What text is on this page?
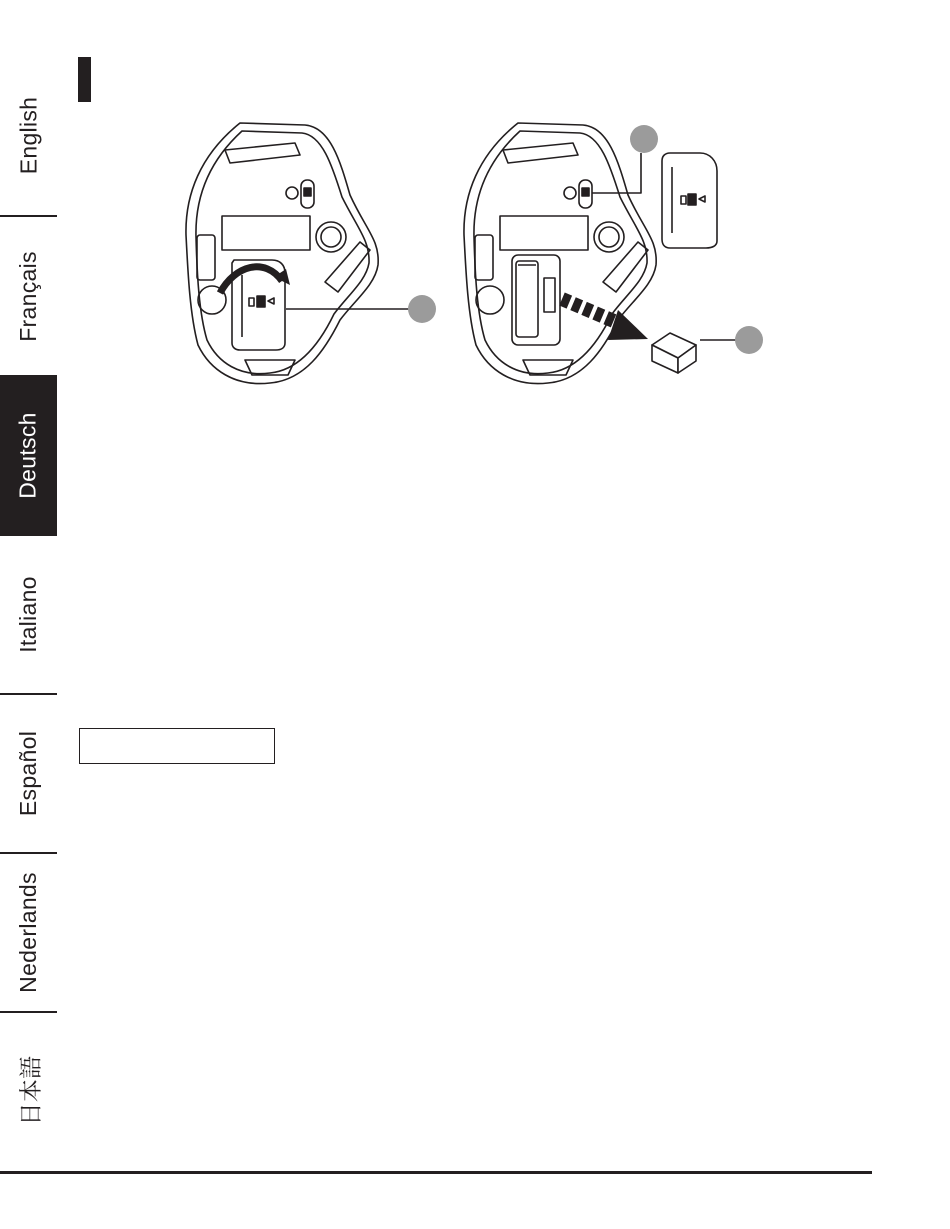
English
Français
Deutsch
Italiano
Español
Nederlands
日本語
